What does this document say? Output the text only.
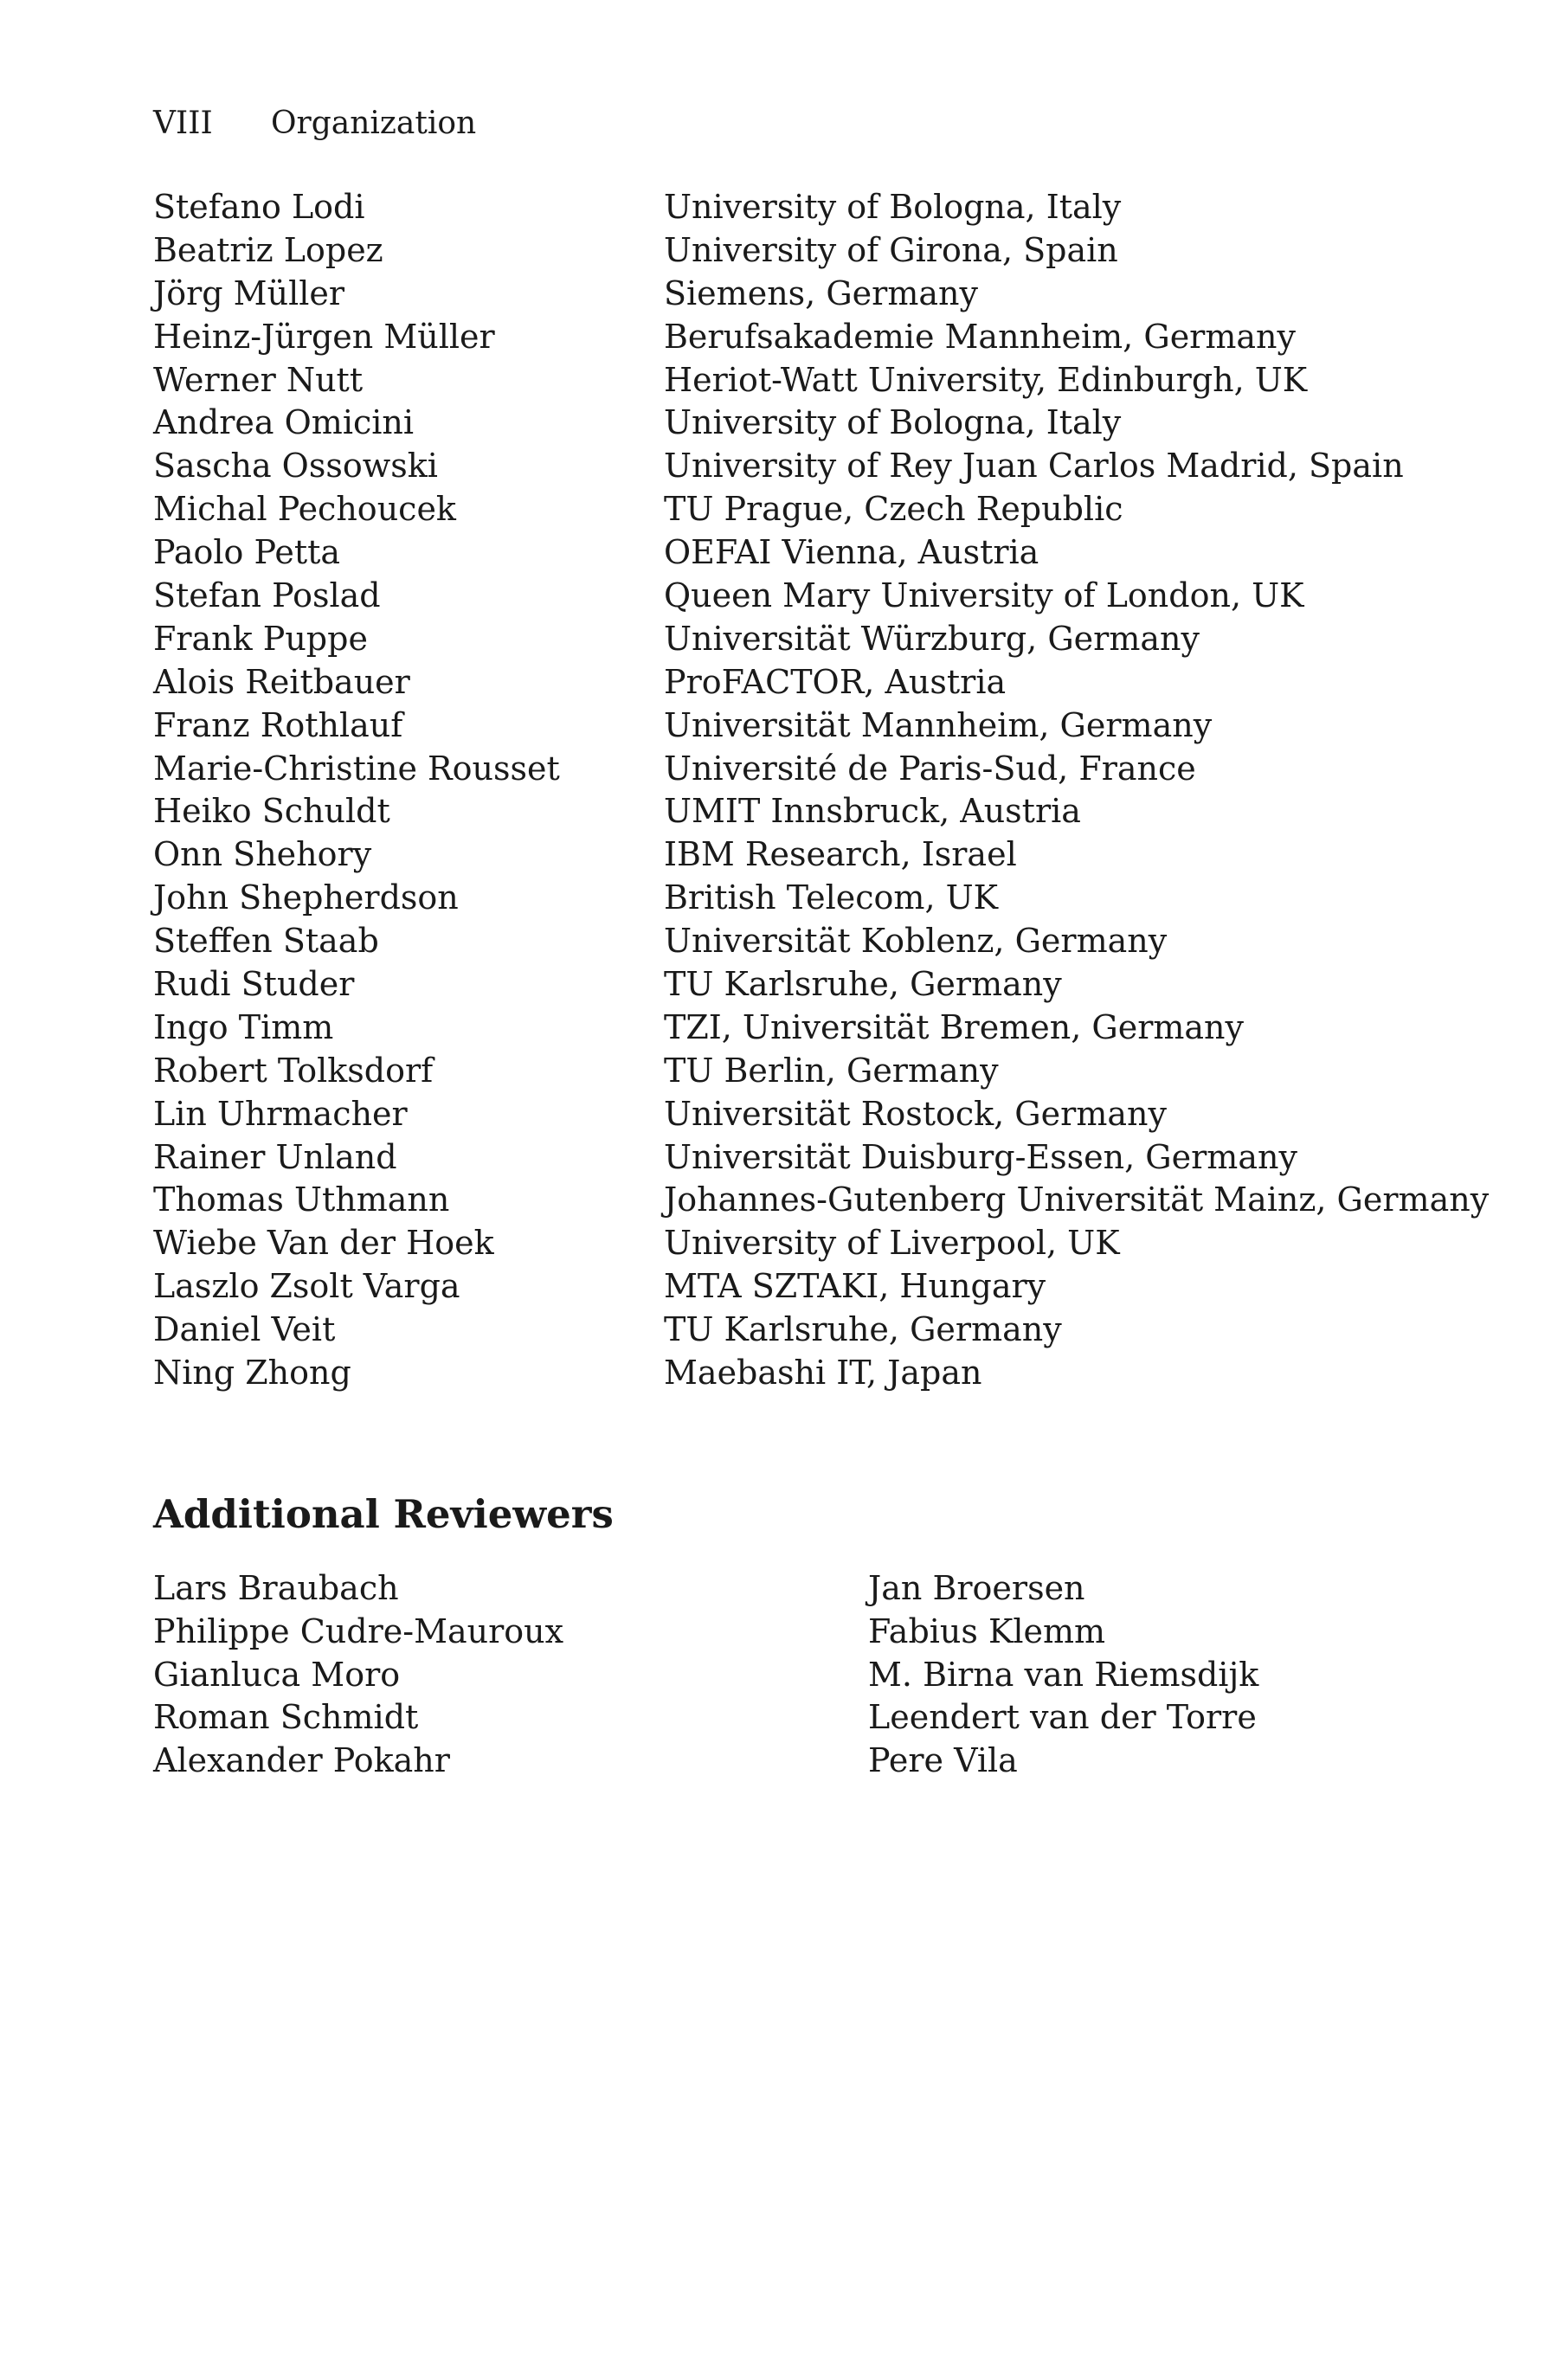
VIII Organization
Stefano Lodi	University of Bologna, Italy
Beatriz Lopez	University of Girona, Spain
Jörg Müller	Siemens, Germany
Heinz-Jürgen Müller	Berufsakademie Mannheim, Germany
Werner Nutt	Heriot-Watt University, Edinburgh, UK
Andrea Omicini	University of Bologna, Italy
Sascha Ossowski	University of Rey Juan Carlos Madrid, Spain
Michal Pechoucek	TU Prague, Czech Republic
Paolo Petta	OEFAI Vienna, Austria
Stefan Poslad	Queen Mary University of London, UK
Frank Puppe	Universität Würzburg, Germany
Alois Reitbauer	ProFACTOR, Austria
Franz Rothlauf	Universität Mannheim, Germany
Marie-Christine Rousset	Université de Paris-Sud, France
Heiko Schuldt	UMIT Innsbruck, Austria
Onn Shehory	IBM Research, Israel
John Shepherdson	British Telecom, UK
Steffen Staab	Universität Koblenz, Germany
Rudi Studer	TU Karlsruhe, Germany
Ingo Timm	TZI, Universität Bremen, Germany
Robert Tolksdorf	TU Berlin, Germany
Lin Uhrmacher	Universität Rostock, Germany
Rainer Unland	Universität Duisburg-Essen, Germany
Thomas Uthmann	Johannes-Gutenberg Universität Mainz, Germany
Wiebe Van der Hoek	University of Liverpool, UK
Laszlo Zsolt Varga	MTA SZTAKI, Hungary
Daniel Veit	TU Karlsruhe, Germany
Ning Zhong	Maebashi IT, Japan
Additional Reviewers
Lars Braubach
Philippe Cudre-Mauroux
Gianluca Moro
Roman Schmidt
Alexander Pokahr
Jan Broersen
Fabius Klemm
M. Birna van Riemsdijk
Leendert van der Torre
Pere Vila
